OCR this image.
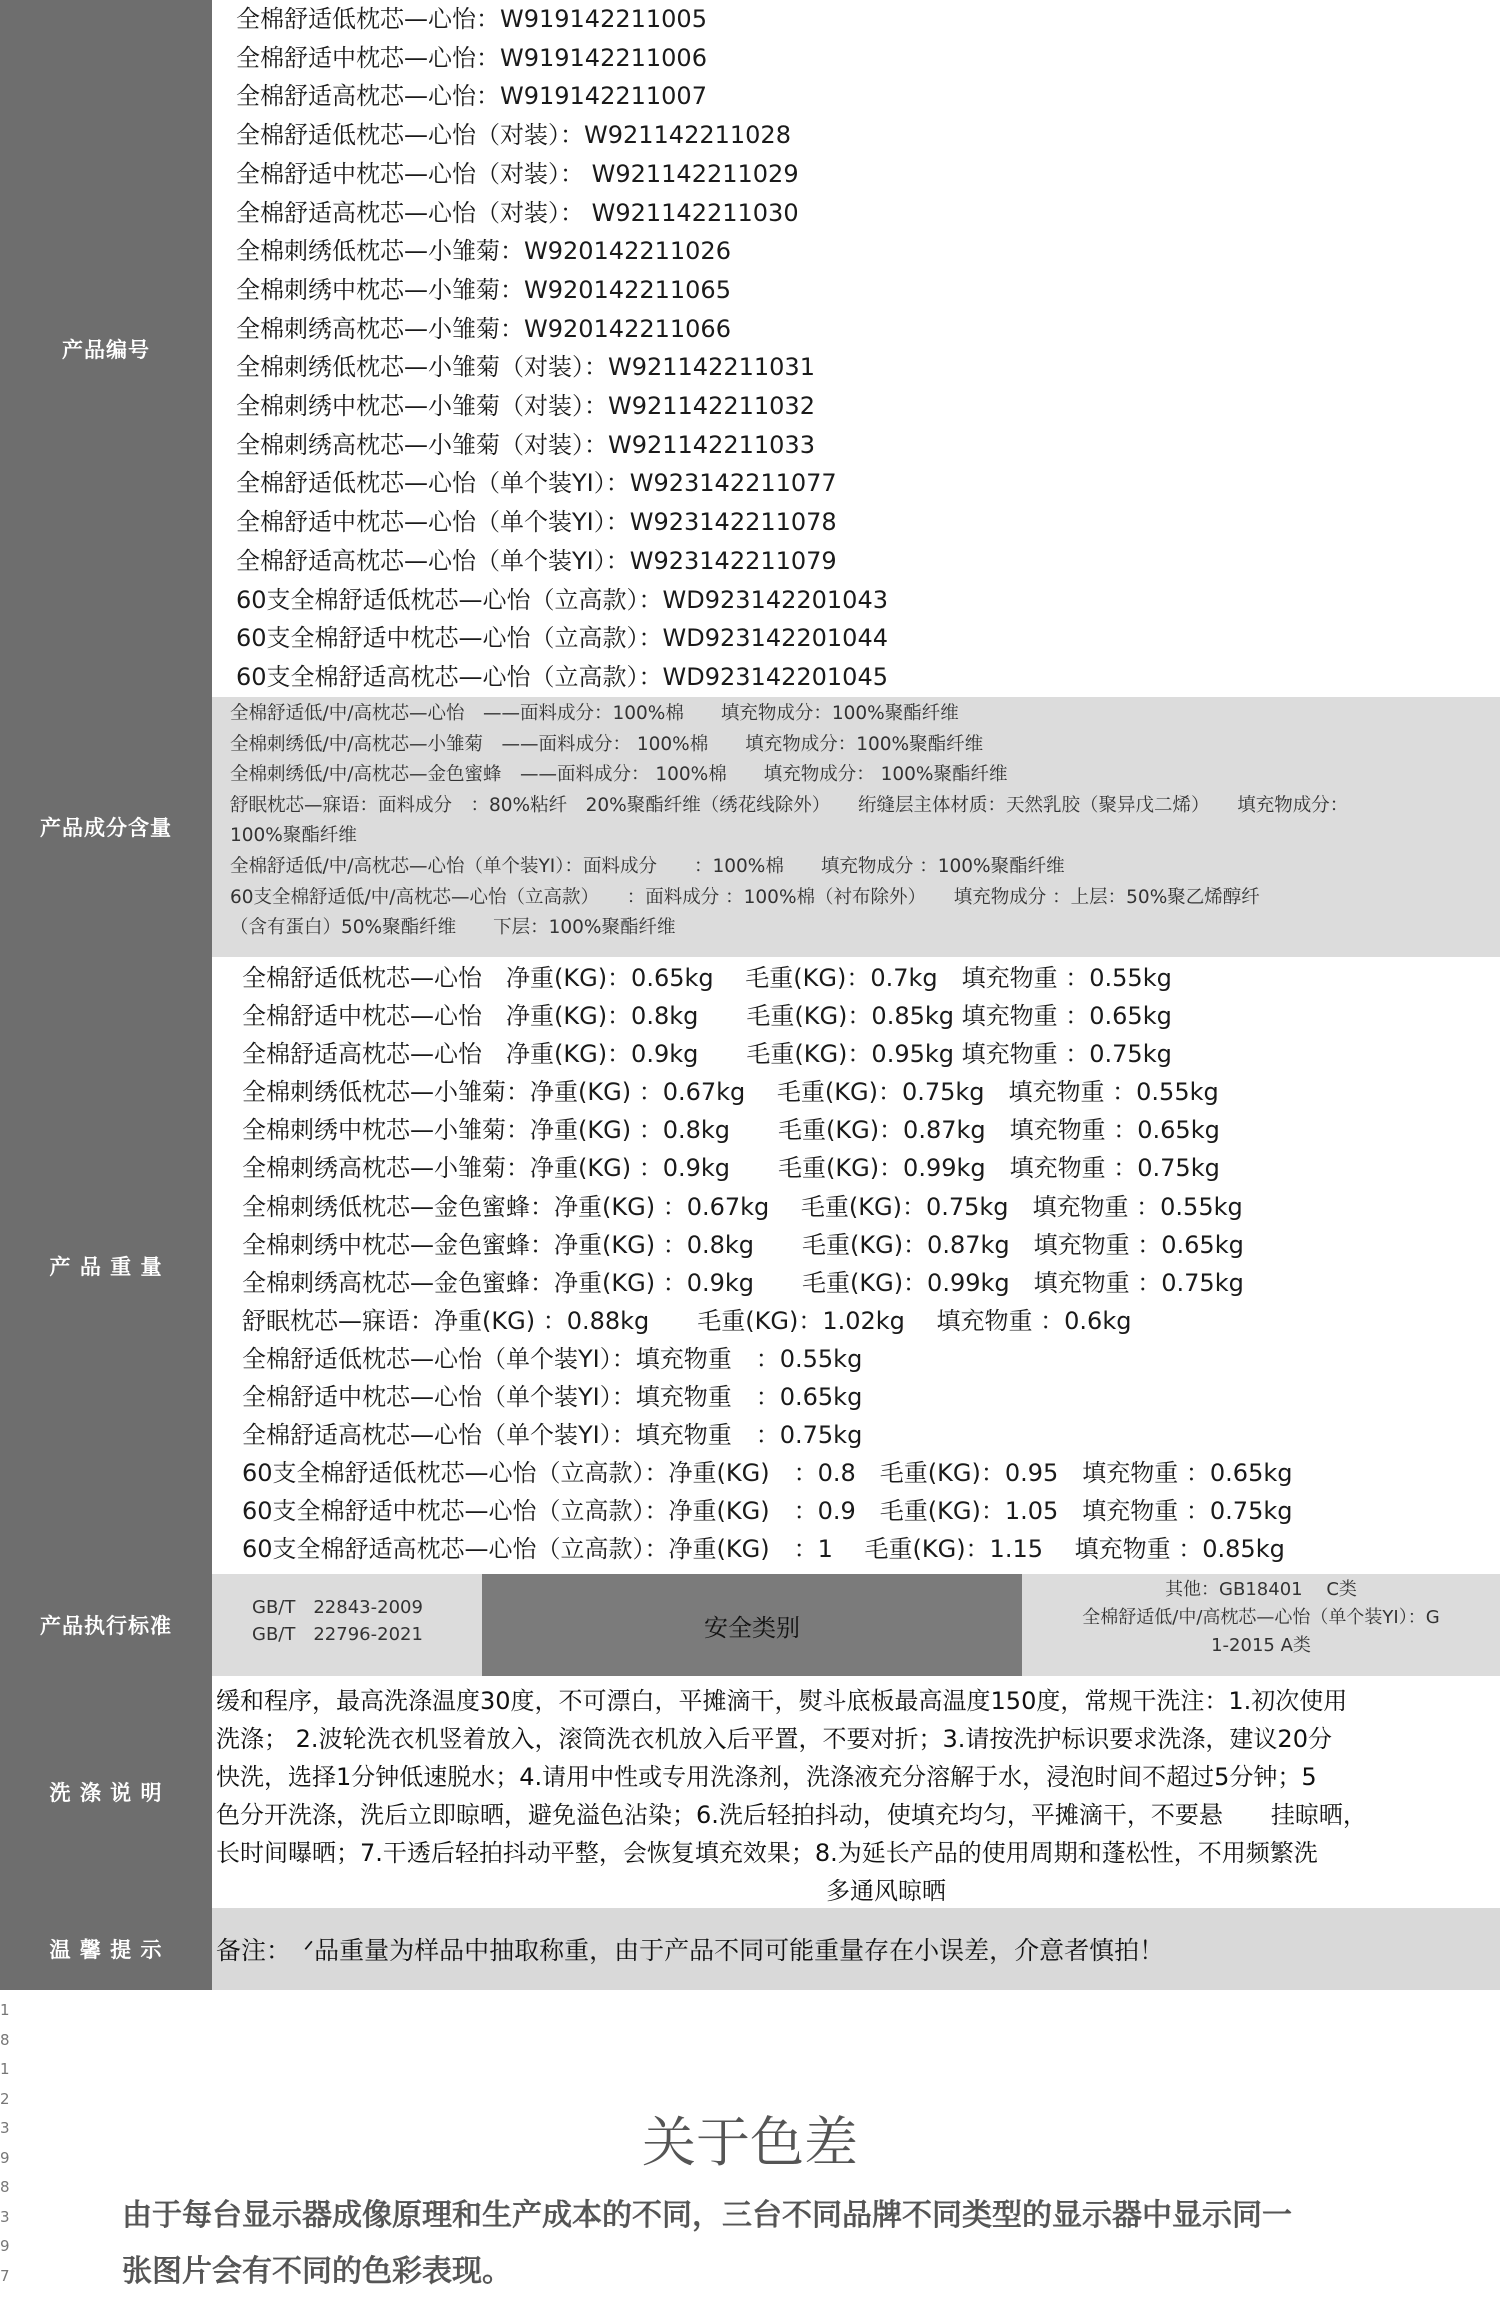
产品编号
全棉舒适低枕芯—心怡：W919142211005
全棉舒适中枕芯—心怡：W919142211006
全棉舒适高枕芯—心怡：W919142211007
全棉舒适低枕芯—心怡（对装）：W921142211028
全棉舒适中枕芯—心怡（对装）： W921142211029
全棉舒适高枕芯—心怡（对装）： W921142211030
全棉刺绣低枕芯—小雏菊：W920142211026
全棉刺绣中枕芯—小雏菊：W920142211065
全棉刺绣高枕芯—小雏菊：W920142211066
全棉刺绣低枕芯—小雏菊（对装）：W921142211031
全棉刺绣中枕芯—小雏菊（对装）：W921142211032
全棉刺绣高枕芯—小雏菊（对装）：W921142211033
全棉舒适低枕芯—心怡（单个装YI）：W923142211077
全棉舒适中枕芯—心怡（单个装YI）：W923142211078
全棉舒适高枕芯—心怡（单个装YI）：W923142211079
60支全棉舒适低枕芯—心怡（立高款）：WD923142201043
60支全棉舒适中枕芯—心怡（立高款）：WD923142201044
60支全棉舒适高枕芯—心怡（立高款）：WD923142201045
产品成分含量
全棉舒适低/中/高枕芯—心怡　——面料成分：100%棉　　填充物成分：100%聚酯纤维
全棉刺绣低/中/高枕芯—小雏菊　——面料成分： 100%棉　　填充物成分：100%聚酯纤维
全棉刺绣低/中/高枕芯—金色蜜蜂　——面料成分： 100%棉　　填充物成分： 100%聚酯纤维
舒眠枕芯—寐语：面料成分　：80%粘纤　20%聚酯纤维（绣花线除外）　　绗缝层主体材质：天然乳胶（聚异戊二烯）　　填充物成分：
100%聚酯纤维
全棉舒适低/中/高枕芯—心怡（单个装YI）：面料成分　　：100%棉　　填充物成分 ：100%聚酯纤维
60支全棉舒适低/中/高枕芯—心怡（立高款）　　：面料成分 ：100%棉（衬布除外）　　填充物成分 ：上层：50%聚乙烯醇纤
（含有蛋白）50%聚酯纤维　　下层：100%聚酯纤维
产 品 重 量
全棉舒适低枕芯—心怡　净重(KG)：0.65kg　 毛重(KG)：0.7kg　填充物重 ：0.55kg
全棉舒适中枕芯—心怡　净重(KG)：0.8kg　　毛重(KG)：0.85kg 填充物重 ：0.65kg
全棉舒适高枕芯—心怡　净重(KG)：0.9kg　　毛重(KG)：0.95kg 填充物重 ：0.75kg
全棉刺绣低枕芯—小雏菊：净重(KG) ：0.67kg　 毛重(KG)：0.75kg　填充物重 ：0.55kg
全棉刺绣中枕芯—小雏菊：净重(KG) ：0.8kg　　毛重(KG)：0.87kg　填充物重 ：0.65kg
全棉刺绣高枕芯—小雏菊：净重(KG) ：0.9kg　　毛重(KG)：0.99kg　填充物重 ：0.75kg
全棉刺绣低枕芯—金色蜜蜂：净重(KG) ：0.67kg　 毛重(KG)：0.75kg　填充物重 ：0.55kg
全棉刺绣中枕芯—金色蜜蜂：净重(KG) ：0.8kg　　毛重(KG)：0.87kg　填充物重 ：0.65kg
全棉刺绣高枕芯—金色蜜蜂：净重(KG) ：0.9kg　　毛重(KG)：0.99kg　填充物重 ：0.75kg
舒眠枕芯—寐语：净重(KG) ：0.88kg　　毛重(KG)：1.02kg　 填充物重 ：0.6kg
全棉舒适低枕芯—心怡（单个装YI）：填充物重　：0.55kg
全棉舒适中枕芯—心怡（单个装YI）：填充物重　：0.65kg
全棉舒适高枕芯—心怡（单个装YI）：填充物重　：0.75kg
60支全棉舒适低枕芯—心怡（立高款）：净重(KG)　：0.8　毛重(KG)：0.95　填充物重 ：0.65kg
60支全棉舒适中枕芯—心怡（立高款）：净重(KG)　：0.9　毛重(KG)：1.05　填充物重 ：0.75kg
60支全棉舒适高枕芯—心怡（立高款）：净重(KG)　：1　 毛重(KG)：1.15　 填充物重 ：0.85kg
产品执行标准
GB/T　22843-2009
GB/T　22796-2021	安全类别
其他：GB18401　 C类
全棉舒适低/中/高枕芯—心怡（单个装YI）：G
1-2015 A类
洗 涤 说 明
缓和程序，最高洗涤温度30度，不可漂白，平摊滴干，熨斗底板最高温度150度，常规干洗注：1.初次使用
洗涤； 2.波轮洗衣机竖着放入，滚筒洗衣机放入后平置，不要对折；3.请按洗护标识要求洗涤，建议20分
快洗，选择1分钟低速脱水；4.请用中性或专用洗涤剂，洗涤液充分溶解于水，浸泡时间不超过5分钟；5
色分开洗涤，洗后立即晾晒，避免溢色沾染；6.洗后轻拍抖动，使填充均匀，平摊滴干，不要悬　　挂晾晒，
长时间曝晒；7.干透后轻拍抖动平整，会恢复填充效果；8.为延长产品的使用周期和蓬松性，不用频繁洗
多通风晾晒
温 馨 提 示	备注：　ᐟ品重量为样品中抽取称重，由于产品不同可能重量存在小误差，介意者慎拍！
1
8
1
2
3
9
8
3
9
7
关于色差
由于每台显示器成像原理和生产成本的不同，三台不同品牌不同类型的显示器中显示同一
张图片会有不同的色彩表现。
